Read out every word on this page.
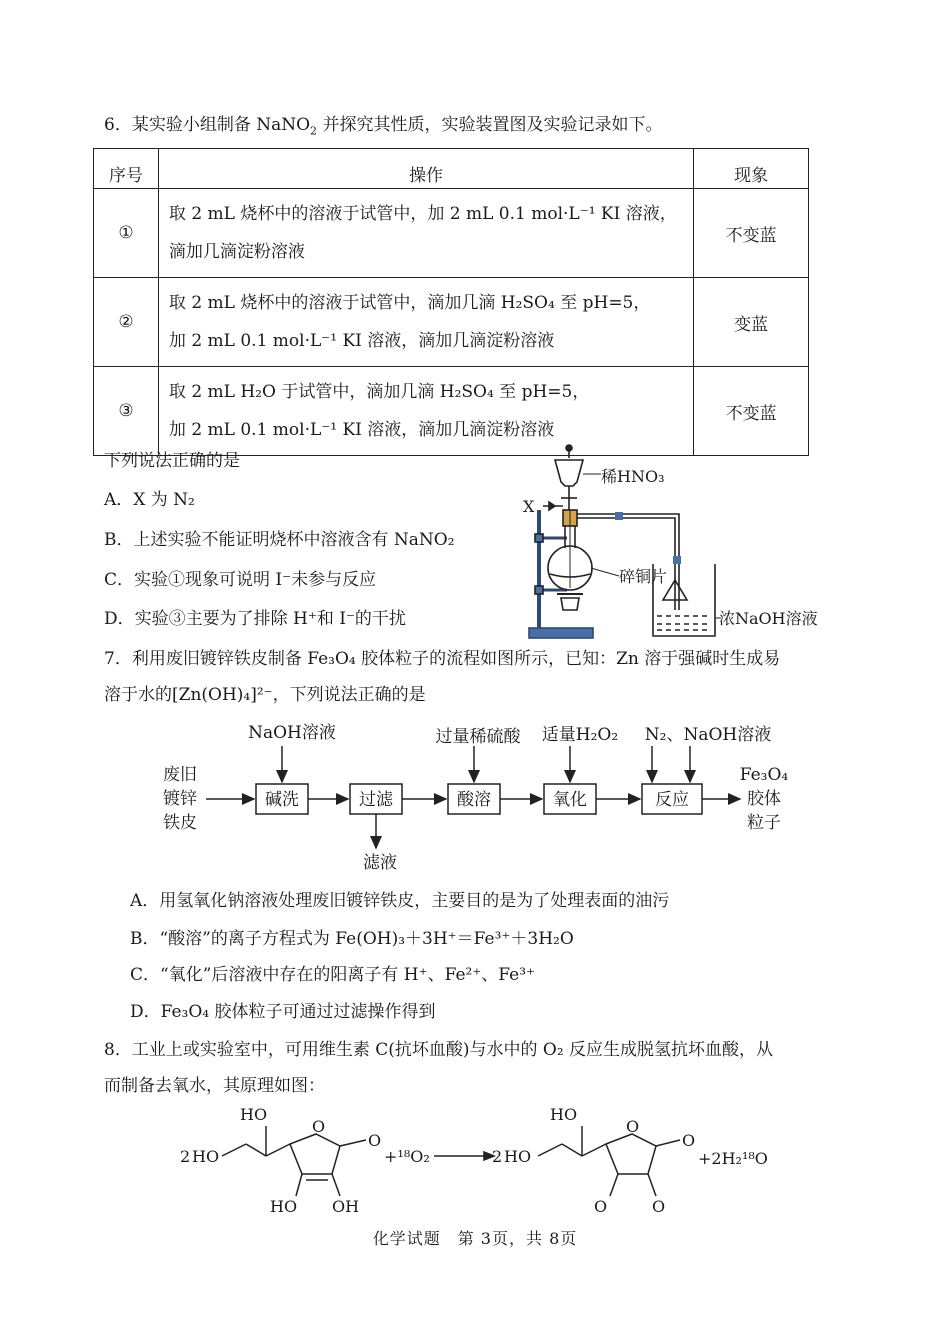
6．某实验小组制备 NaNO$_2$ 并探究其性质，实验装置图及实验记录如下。
序号	操作	现象
①	取 2 mL 烧杯中的溶液于试管中，加 2 mL 0.1 mol·L⁻¹ KI 溶液，
滴加几滴淀粉溶液	不变蓝
②	取 2 mL 烧杯中的溶液于试管中，滴加几滴 H₂SO₄ 至 pH=5，
加 2 mL 0.1 mol·L⁻¹ KI 溶液，滴加几滴淀粉溶液	变蓝
③	取 2 mL H₂O 于试管中，滴加几滴 H₂SO₄ 至 pH=5，
加 2 mL 0.1 mol·L⁻¹ KI 溶液，滴加几滴淀粉溶液	不变蓝
下列说法正确的是
A．X 为 N₂
B．上述实验不能证明烧杯中溶液含有 NaNO₂
C．实验①现象可说明 I⁻未参与反应
D．实验③主要为了排除 H⁺和 I⁻的干扰
稀HNO₃
X
碎铜片
浓NaOH溶液
7．利用废旧镀锌铁皮制备 Fe₃O₄ 胶体粒子的流程如图所示，已知：Zn 溶于强碱时生成易
溶于水的[Zn(OH)₄]²⁻，下列说法正确的是
废旧
镀锌
铁皮
碱洗	过滤	酸溶	氧化	反应
NaOH溶液	过量稀硫酸 适量H₂O₂ N₂、NaOH溶液
滤液
Fe₃O₄
胶体
粒子
A．用氢氧化钠溶液处理废旧镀锌铁皮，主要目的是为了处理表面的油污
B．“酸溶”的离子方程式为 Fe(OH)₃＋3H⁺＝Fe³⁺＋3H₂O
C．“氧化”后溶液中存在的阳离子有 H⁺、Fe²⁺、Fe³⁺
D．Fe₃O₄ 胶体粒子可通过过滤操作得到
8．工业上或实验室中，可用维生素 C(抗坏血酸)与水中的 O₂ 反应生成脱氢抗坏血酸，从
而制备去氧水，其原理如图：
HO
2 HO
O
O
HO OH
+¹⁸O₂	2 HO
HO
O
O
O	O
+2H₂¹⁸O
化学试题　第 3页，共 8页
